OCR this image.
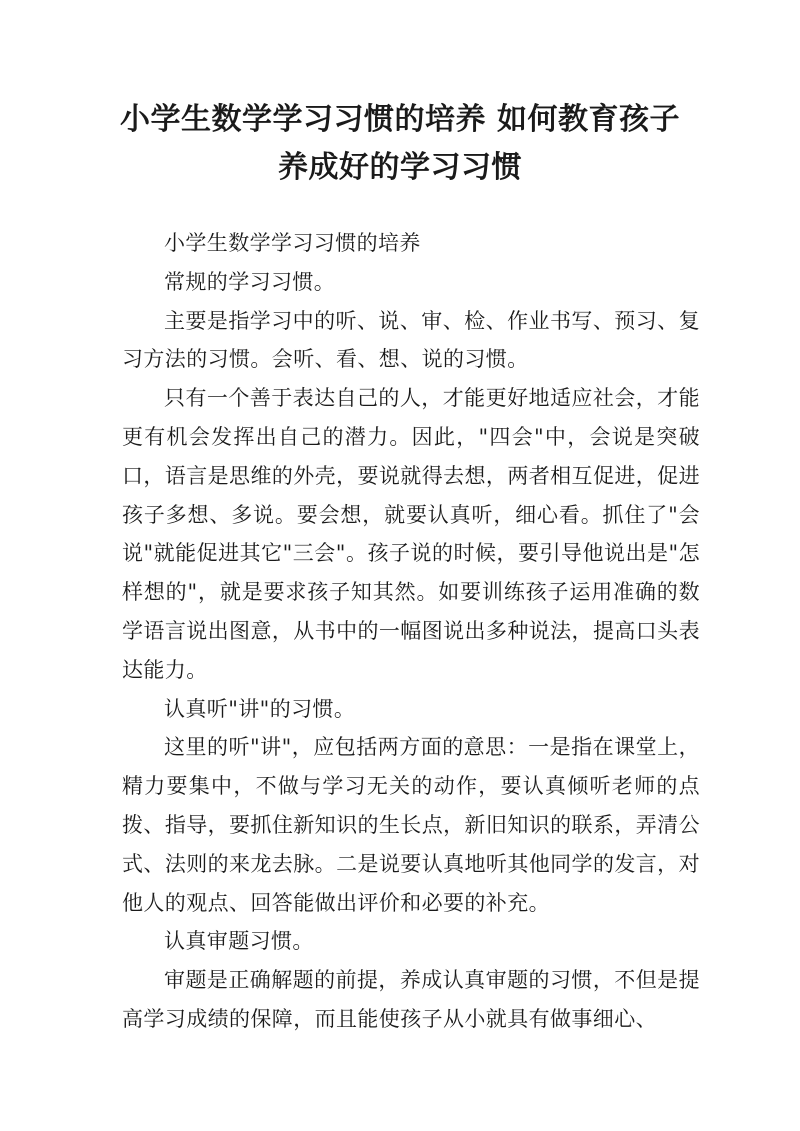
小学生数学学习习惯的培养 如何教育孩子
养成好的学习习惯

小学生数学学习习惯的培养

常规的学习习惯。

主要是指学习中的听、说、审、检、作业书写、预习、复习方法的习惯。会听、看、想、说的习惯。

只有一个善于表达自己的人，才能更好地适应社会，才能更有机会发挥出自己的潜力。因此，"四会"中，会说是突破口，语言是思维的外壳，要说就得去想，两者相互促进，促进孩子多想、多说。要会想，就要认真听，细心看。抓住了"会说"就能促进其它"三会"。孩子说的时候，要引导他说出是"怎样想的"，就是要求孩子知其然。如要训练孩子运用准确的数学语言说出图意，从书中的一幅图说出多种说法，提高口头表达能力。

认真听"讲"的习惯。

这里的听"讲"，应包括两方面的意思：一是指在课堂上，精力要集中，不做与学习无关的动作，要认真倾听老师的点拨、指导，要抓住新知识的生长点，新旧知识的联系，弄清公式、法则的来龙去脉。二是说要认真地听其他同学的发言，对他人的观点、回答能做出评价和必要的补充。

认真审题习惯。

审题是正确解题的前提，养成认真审题的习惯，不但是提高学习成绩的保障，而且能使孩子从小就具有做事细心、
